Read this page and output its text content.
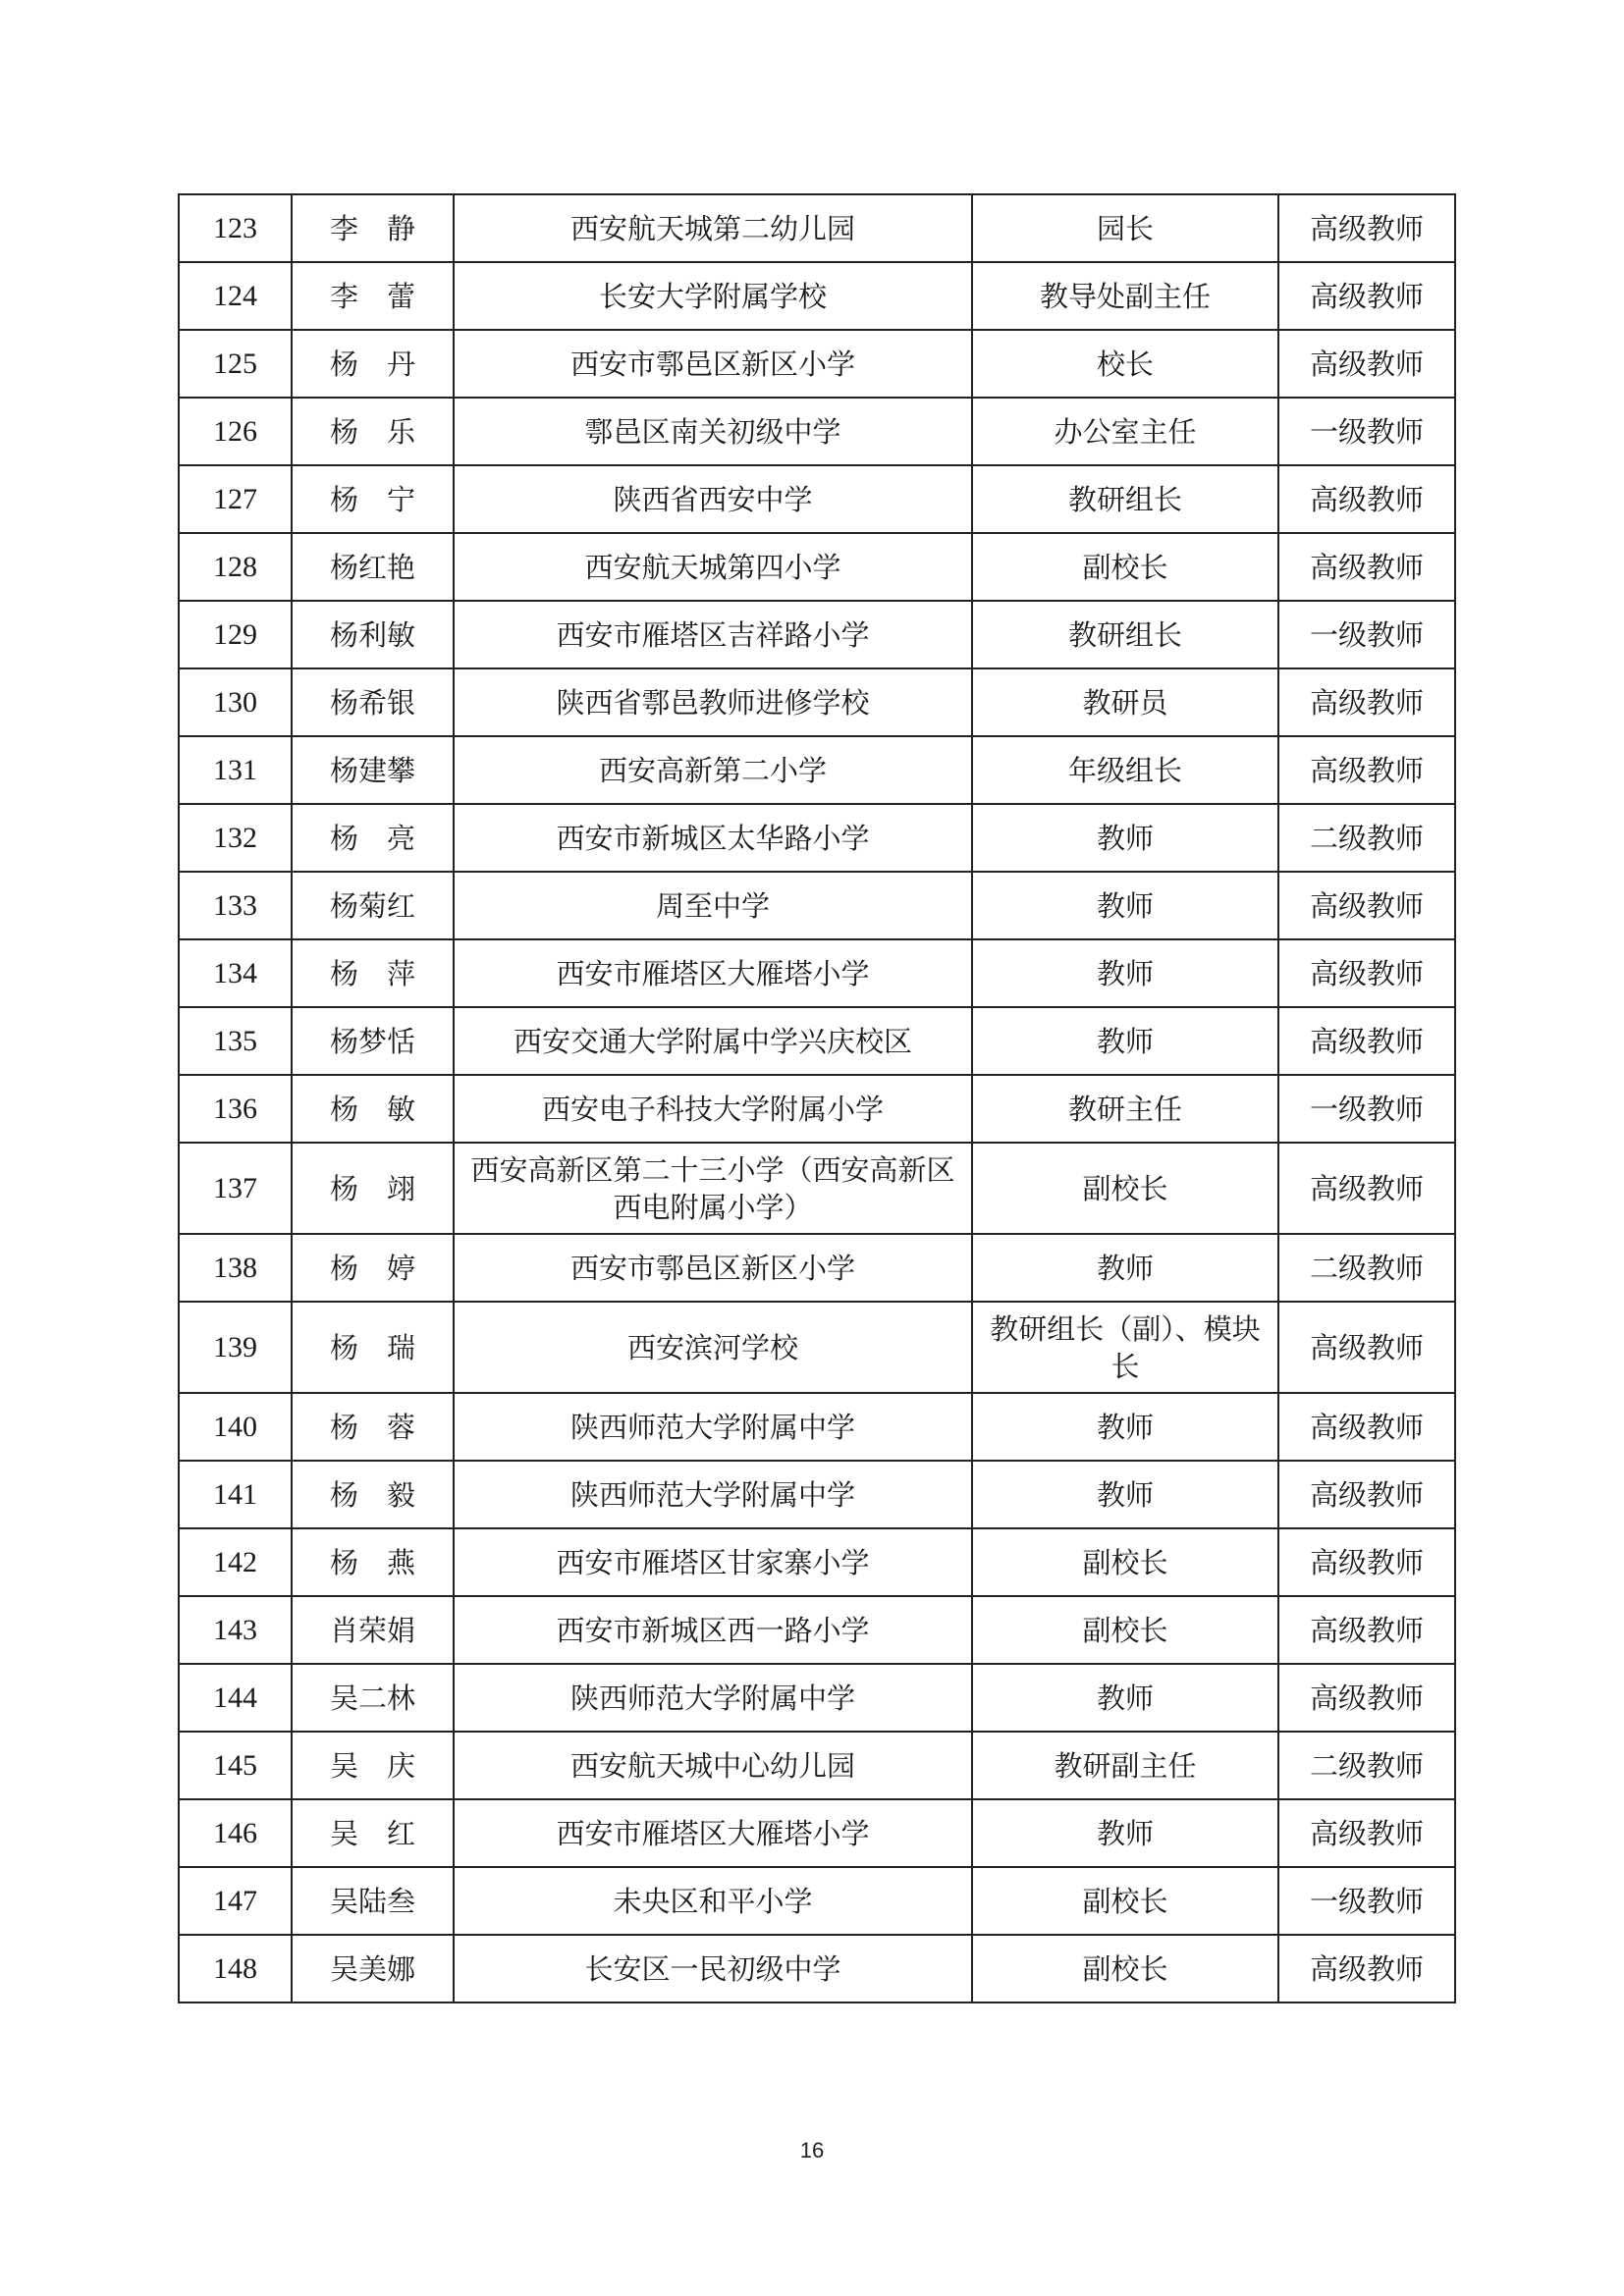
123	李　静	西安航天城第二幼儿园	园长	高级教师
124	李　蕾	长安大学附属学校	教导处副主任	高级教师
125	杨　丹	西安市鄠邑区新区小学	校长	高级教师
126	杨　乐	鄠邑区南关初级中学	办公室主任	一级教师
127	杨　宁	陕西省西安中学	教研组长	高级教师
128	杨红艳	西安航天城第四小学	副校长	高级教师
129	杨利敏	西安市雁塔区吉祥路小学	教研组长	一级教师
130	杨希银	陕西省鄠邑教师进修学校	教研员	高级教师
131	杨建攀	西安高新第二小学	年级组长	高级教师
132	杨　亮	西安市新城区太华路小学	教师	二级教师
133	杨菊红	周至中学	教师	高级教师
134	杨　萍	西安市雁塔区大雁塔小学	教师	高级教师
135	杨梦恬	西安交通大学附属中学兴庆校区	教师	高级教师
136	杨　敏	西安电子科技大学附属小学	教研主任	一级教师
137	杨　翊	西安高新区第二十三小学（西安高新区西电附属小学）	副校长	高级教师
138	杨　婷	西安市鄠邑区新区小学	教师	二级教师
139	杨　瑞	西安滨河学校	教研组长（副）、模块长	高级教师
140	杨　蓉	陕西师范大学附属中学	教师	高级教师
141	杨　毅	陕西师范大学附属中学	教师	高级教师
142	杨　燕	西安市雁塔区甘家寨小学	副校长	高级教师
143	肖荣娟	西安市新城区西一路小学	副校长	高级教师
144	吴二林	陕西师范大学附属中学	教师	高级教师
145	吴　庆	西安航天城中心幼儿园	教研副主任	二级教师
146	吴　红	西安市雁塔区大雁塔小学	教师	高级教师
147	吴陆叁	未央区和平小学	副校长	一级教师
148	吴美娜	长安区一民初级中学	副校长	高级教师
16
